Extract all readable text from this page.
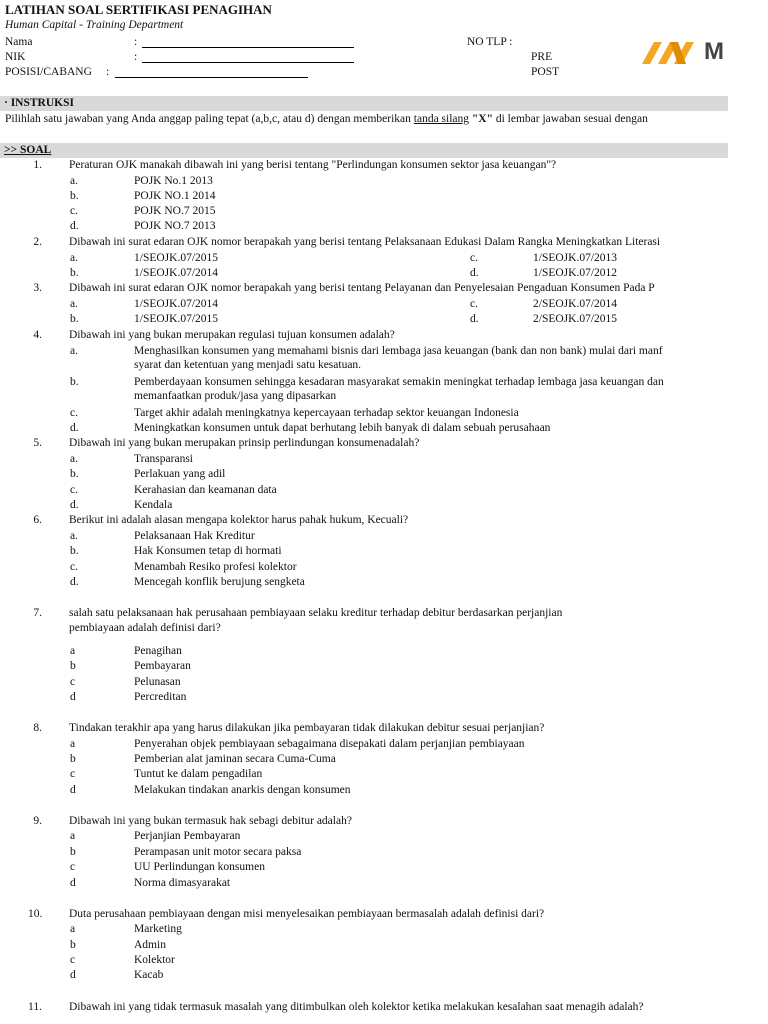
LATIHAN SOAL SERTIFIKASI PENAGIHAN
Human Capital - Training Department
Nama	:
NIK	:
POSISI/CABANG :
NO TLP :
PRE
POST
M
· INSTRUKSI
Pilihlah satu jawaban yang Anda anggap paling tepat (a,b,c, atau d) dengan memberikan tanda silang "X" di lembar jawaban sesuai dengan
>> SOAL
1. Peraturan OJK manakah dibawah ini yang berisi tentang "Perlindungan konsumen sektor jasa keuangan"?
a.	POJK No.1 2013
b.	POJK NO.1 2014
c.	POJK NO.7 2015
d.	POJK NO.7 2013
2. Dibawah ini surat edaran OJK nomor berapakah yang berisi tentang Pelaksanaan Edukasi Dalam Rangka Meningkatkan Literasi
a.	1/SEOJK.07/2015	c.	1/SEOJK.07/2013
b.	1/SEOJK.07/2014	d.	1/SEOJK.07/2012
3. Dibawah ini surat edaran OJK nomor berapakah yang berisi tentang Pelayanan dan Penyelesaian Pengaduan Konsumen Pada P
a.	1/SEOJK.07/2014	c.	2/SEOJK.07/2014
b.	1/SEOJK.07/2015	d.	2/SEOJK.07/2015
4. Dibawah ini yang bukan merupakan regulasi tujuan konsumen adalah?
a.	Menghasilkan konsumen yang memahami bisnis dari lembaga jasa keuangan (bank dan non bank) mulai dari manf
syarat dan ketentuan yang menjadi satu kesatuan.
b.	Pemberdayaan konsumen sehingga kesadaran masyarakat semakin meningkat terhadap lembaga jasa keuangan dan
memanfaatkan produk/jasa yang dipasarkan
c.	Target akhir adalah meningkatnya kepercayaan terhadap sektor keuangan Indonesia
d.	Meningkatkan konsumen untuk dapat berhutang lebih banyak di dalam sebuah perusahaan
5. Dibawah ini yang bukan merupakan prinsip perlindungan konsumenadalah?
a.	Transparansi
b.	Perlakuan yang adil
c.	Kerahasian dan keamanan data
d.	Kendala
6. Berikut ini adalah alasan mengapa kolektor harus pahak hukum, Kecuali?
a.	Pelaksanaan Hak Kreditur
b.	Hak Konsumen tetap di hormati
c.	Menambah Resiko profesi kolektor
d.	Mencegah konflik berujung sengketa
7. salah satu pelaksanaan hak perusahaan pembiayaan selaku kreditur terhadap debitur berdasarkan perjanjian
pembiayaan adalah definisi dari?
a	Penagihan
b	Pembayaran
c	Pelunasan
d	Percreditan
8. Tindakan terakhir apa yang harus dilakukan jika pembayaran tidak dilakukan debitur sesuai perjanjian?
a	Penyerahan objek pembiayaan sebagaimana disepakati dalam perjanjian pembiayaan
b	Pemberian alat jaminan secara Cuma-Cuma
c	Tuntut ke dalam pengadilan
d	Melakukan tindakan anarkis dengan konsumen
9. Dibawah ini yang bukan termasuk hak sebagi debitur adalah?
a	Perjanjian Pembayaran
b	Perampasan unit motor secara paksa
c	UU Perlindungan konsumen
d	Norma dimasyarakat
10. Duta perusahaan pembiayaan dengan misi menyelesaikan pembiayaan bermasalah adalah definisi dari?
a	Marketing
b	Admin
c	Kolektor
d	Kacab
11. Dibawah ini yang tidak termasuk masalah yang ditimbulkan oleh kolektor ketika melakukan kesalahan saat menagih adalah?
